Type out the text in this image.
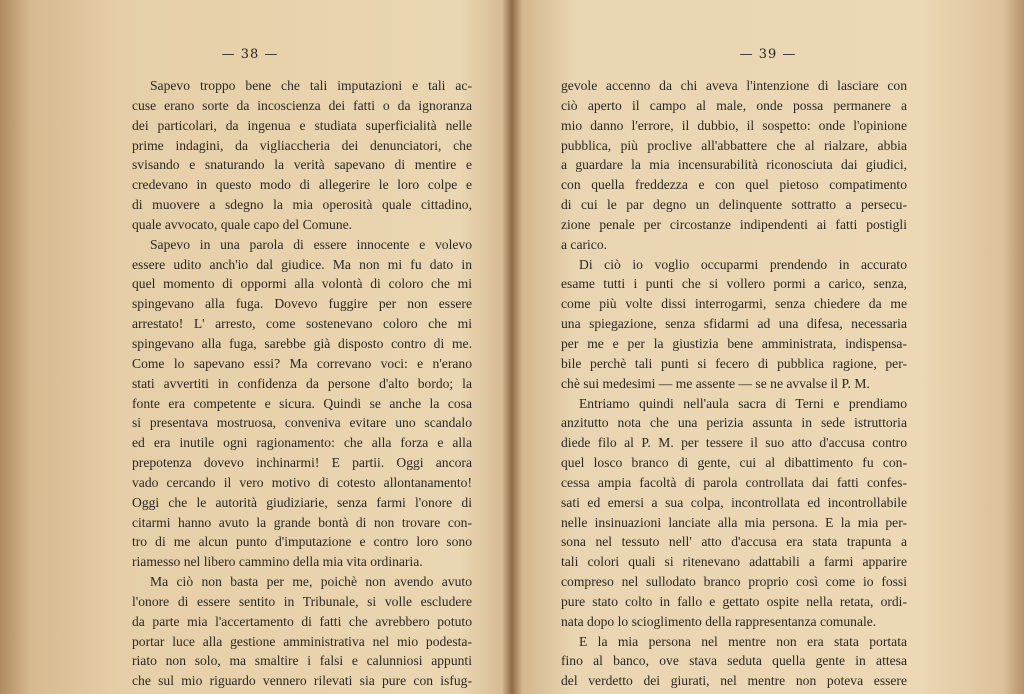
— 38 —
Sapevo troppo bene che tali imputazioni e tali ac-
cuse erano sorte da incoscienza dei fatti o da ignoranza
dei particolari, da ingenua e studiata superficialità nelle
prime indagini, da vigliaccheria dei denunciatori, che
svisando e snaturando la verità sapevano di mentire e
credevano in questo modo di allegerire le loro colpe e
di muovere a sdegno la mia operosità quale cittadino,
quale avvocato, quale capo del Comune.
Sapevo in una parola di essere innocente e volevo
essere udito anch'io dal giudice. Ma non mi fu dato in
quel momento di oppormi alla volontà di coloro che mi
spingevano alla fuga. Dovevo fuggire per non essere
arrestato! L' arresto, come sostenevano coloro che mi
spingevano alla fuga, sarebbe già disposto contro di me.
Come lo sapevano essi? Ma correvano voci: e n'erano
stati avvertiti in confidenza da persone d'alto bordo; la
fonte era competente e sicura. Quindi se anche la cosa
si presentava mostruosa, conveniva evitare uno scandalo
ed era inutile ogni ragionamento: che alla forza e alla
prepotenza dovevo inchinarmi! E partii. Oggi ancora
vado cercando il vero motivo di cotesto allontanamento!
Oggi che le autorità giudiziarie, senza farmi l'onore di
citarmi hanno avuto la grande bontà di non trovare con-
tro di me alcun punto d'imputazione e contro loro sono
riamesso nel libero cammino della mia vita ordinaria.
Ma ciò non basta per me, poichè non avendo avuto
l'onore di essere sentito in Tribunale, si volle escludere
da parte mia l'accertamento di fatti che avrebbero potuto
portar luce alla gestione amministrativa nel mio podesta-
riato non solo, ma smaltire i falsi e calunniosi appunti
che sul mio riguardo vennero rilevati sia pure con isfug-
— 39 —
gevole accenno da chi aveva l'intenzione di lasciare con
ciò aperto il campo al male, onde possa permanere a
mio danno l'errore, il dubbio, il sospetto: onde l'opinione
pubblica, più proclive all'abbattere che al rialzare, abbia
a guardare la mia incensurabilità riconosciuta dai giudici,
con quella freddezza e con quel pietoso compatimento
di cui le par degno un delinquente sottratto a persecu-
zione penale per circostanze indipendenti ai fatti postigli
a carico.
Di ciò io voglio occuparmi prendendo in accurato
esame tutti i punti che si vollero pormi a carico, senza,
come più volte dissi interrogarmi, senza chiedere da me
una spiegazione, senza sfidarmi ad una difesa, necessaria
per me e per la giustizia bene amministrata, indispensa-
bile perchè tali punti si fecero di pubblica ragione, per-
chè sui medesimi — me assente — se ne avvalse il P. M.
Entriamo quindi nell'aula sacra di Terni e prendiamo
anzitutto nota che una perizia assunta in sede istruttoria
diede filo al P. M. per tessere il suo atto d'accusa contro
quel losco branco di gente, cui al dibattimento fu con-
cessa ampia facoltà di parola controllata dai fatti confes-
sati ed emersi a sua colpa, incontrollata ed incontrollabile
nelle insinuazioni lanciate alla mia persona. E la mia per-
sona nel tessuto nell' atto d'accusa era stata trapunta a
tali colori quali si ritenevano adattabili a farmi apparire
compreso nel sullodato branco proprio così come io fossi
pure stato colto in fallo e gettato ospite nella retata, ordi-
nata dopo lo scioglimento della rappresentanza comunale.
E la mia persona nel mentre non era stata portata
fino al banco, ove stava seduta quella gente in attesa
del verdetto dei giurati, nel mentre non poteva essere
